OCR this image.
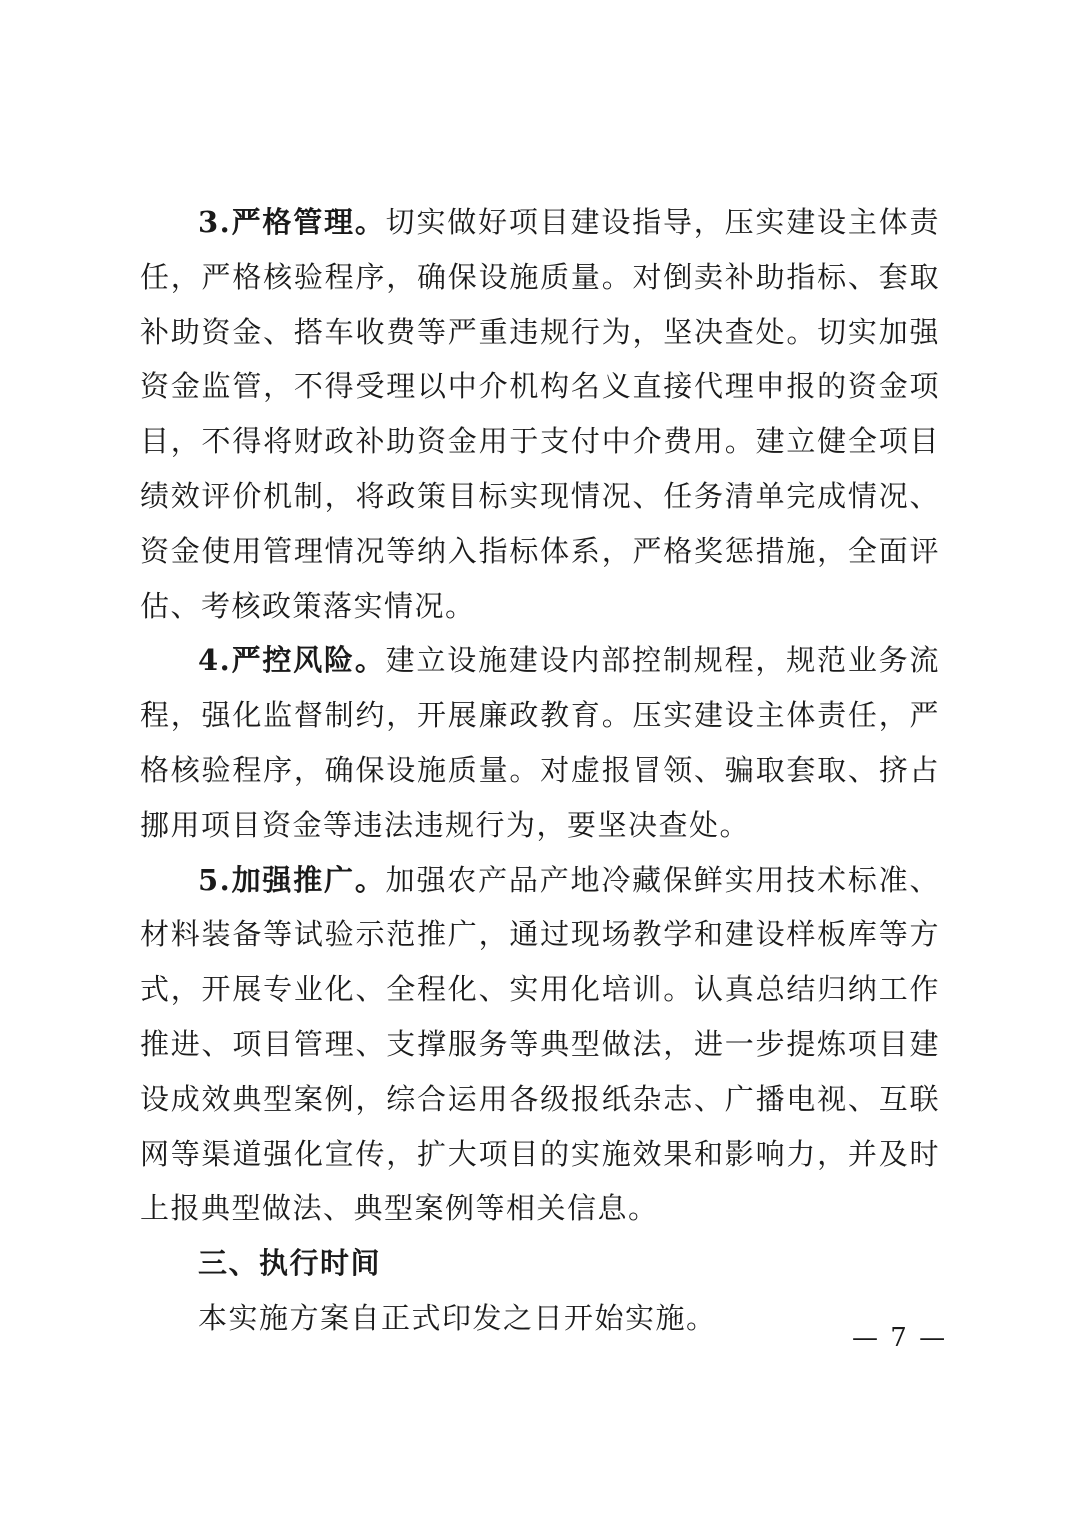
3.严格管理。切实做好项目建设指导，压实建设主体责任，严格核验程序，确保设施质量。对倒卖补助指标、套取补助资金、搭车收费等严重违规行为，坚决查处。切实加强资金监管，不得受理以中介机构名义直接代理申报的资金项目，不得将财政补助资金用于支付中介费用。建立健全项目绩效评价机制，将政策目标实现情况、任务清单完成情况、资金使用管理情况等纳入指标体系，严格奖惩措施，全面评估、考核政策落实情况。

4.严控风险。建立设施建设内部控制规程，规范业务流程，强化监督制约，开展廉政教育。压实建设主体责任，严格核验程序，确保设施质量。对虚报冒领、骗取套取、挤占挪用项目资金等违法违规行为，要坚决查处。

5.加强推广。加强农产品产地冷藏保鲜实用技术标准、材料装备等试验示范推广，通过现场教学和建设样板库等方式，开展专业化、全程化、实用化培训。认真总结归纳工作推进、项目管理、支撑服务等典型做法，进一步提炼项目建设成效典型案例，综合运用各级报纸杂志、广播电视、互联网等渠道强化宣传，扩大项目的实施效果和影响力，并及时上报典型做法、典型案例等相关信息。

三、执行时间

本实施方案自正式印发之日开始实施。

— 7 —
